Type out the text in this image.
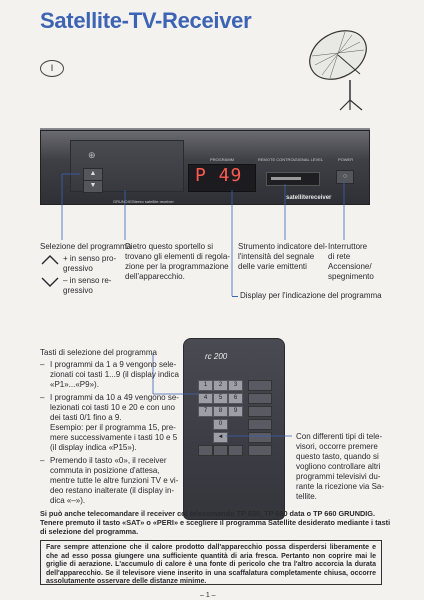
Satellite-TV-Receiver
I
▲
▼
⊕
GRUNDIG Stereo satellite receiver
PROGRAMM	REMOTE CONTROL SIGNAL LEVEL	POWER
P 49	○
satellitereceiver
Selezione del programma
+ in senso pro-
gressivo
– in senso re-
gressivo
Dietro questo sportello si
trovano gli elementi di regola-
zione per la programmazione
dell'apparecchio.
Strumento indicatore del-
l'intensità del segnale
delle varie emittenti
Interruttore
di rete
Accensione/
spegnimento
Display per l'indicazione del programma
rc 200
1	2	3
4	5	6
7	8	9
0
◄
Tasti di selezione del programma
– I programmi da 1 a 9 vengono sele-
zionati coi tasti 1...9 (il display indica
«P1»...«P9»).
– I programmi da 10 a 49 vengono se-
lezionati coi tasti 10 e 20 e con uno
dei tasti 0/1 fino a 9.
Esempio: per il programma 15, pre-
mere successivamente i tasti 10 e 5
(il display indica «P15»).
– Premendo il tasto «0», il receiver
commuta in posizione d'attesa,
mentre tutte le altre funzioni TV e vi-
deo restano inalterate (il display in-
dica «–»).
Con differenti tipi di tele-
visori, occorre premere
questo tasto, quando si
vogliono controllare altri
programmi televisivi du-
rante la ricezione via Sa-
tellite.
Si può anche telecomandare il receiver col telecomando TP 650, TP 650 data o TP 660 GRUNDIG.
Tenere premuto il tasto «SAT» o «PERI» e scegliere il programma Satellite desiderato mediante i tasti
di selezione del programma.
Fare sempre attenzione che il calore prodotto dall'apparecchio possa disperdersi liberamente e che ad esso possa giungere una sufficiente quantità di aria fresca. Pertanto non coprire mai le griglie di aerazione. L'accumulo di calore è una fonte di pericolo che tra l'altro accorcia la durata dell'apparecchio. Se il televisore viene inserito in una scaffalatura completamente chiusa, occorre assolutamente osservare delle distanze minime.
– 1 –
